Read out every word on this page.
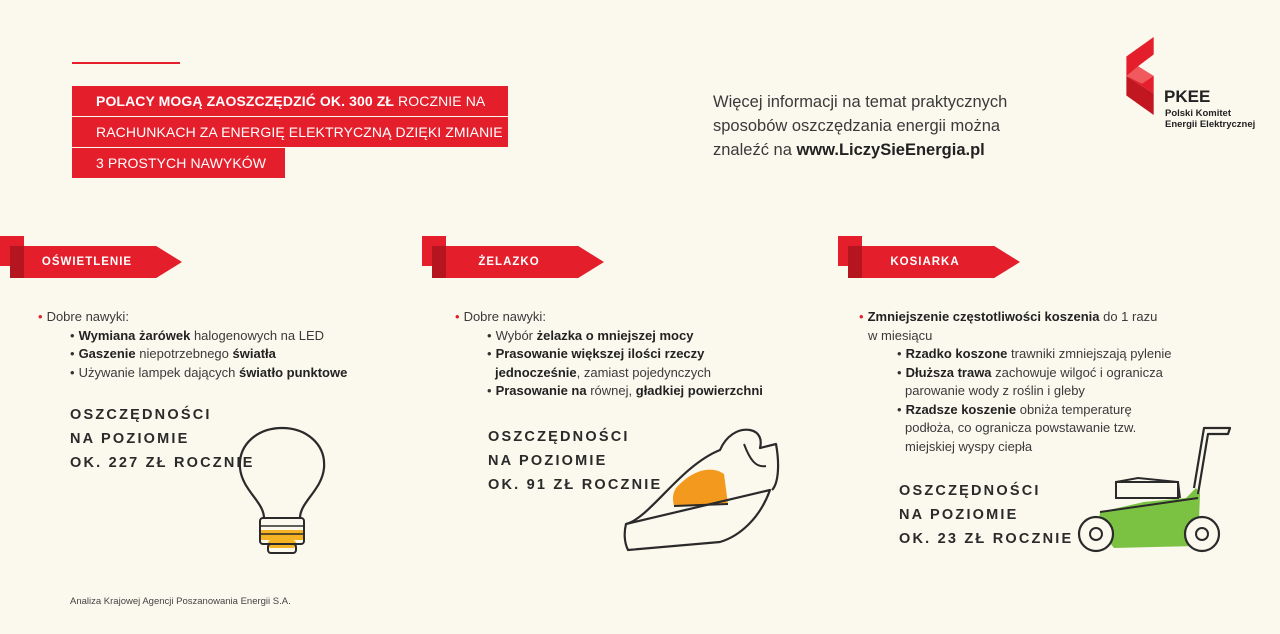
POLACY MOGĄ ZAOSZCZĘDZIĆ OK. 300 ZŁ ROCZNIE NA
RACHUNKACH ZA ENERGIĘ ELEKTRYCZNĄ DZIĘKI ZMIANIE
3 PROSTYCH NAWYKÓW
Więcej informacji na temat praktycznych
sposobów oszczędzania energii można
znaleźć na www.LiczySieEnergia.pl
PKEE
Polski Komitet
Energii Elektrycznej
OŚWIETLENIE	ŻELAZKO	KOSIARKA
• Dobre nawyki:
• Wymiana żarówek halogenowych na LED
• Gaszenie niepotrzebnego światła
• Używanie lampek dających światło punktowe
• Dobre nawyki:
• Wybór żelazka o mniejszej mocy
• Prasowanie większej ilości rzeczy
jednocześnie, zamiast pojedynczych
• Prasowanie na równej, gładkiej powierzchni
• Zmniejszenie częstotliwości koszenia do 1 razu
w miesiącu
• Rzadko koszone trawniki zmniejszają pylenie
• Dłuższa trawa zachowuje wilgoć i ogranicza
parowanie wody z roślin i gleby
• Rzadsze koszenie obniża temperaturę
podłoża, co ogranicza powstawanie tzw.
miejskiej wyspy ciepła
OSZCZĘDNOŚCI
NA POZIOMIE
OK. 227 ZŁ ROCZNIE
OSZCZĘDNOŚCI
NA POZIOMIE
OK. 91 ZŁ ROCZNIE	OSZCZĘDNOŚCI
NA POZIOMIE
OK. 23 ZŁ ROCZNIE
Analiza Krajowej Agencji Poszanowania Energii S.A.
